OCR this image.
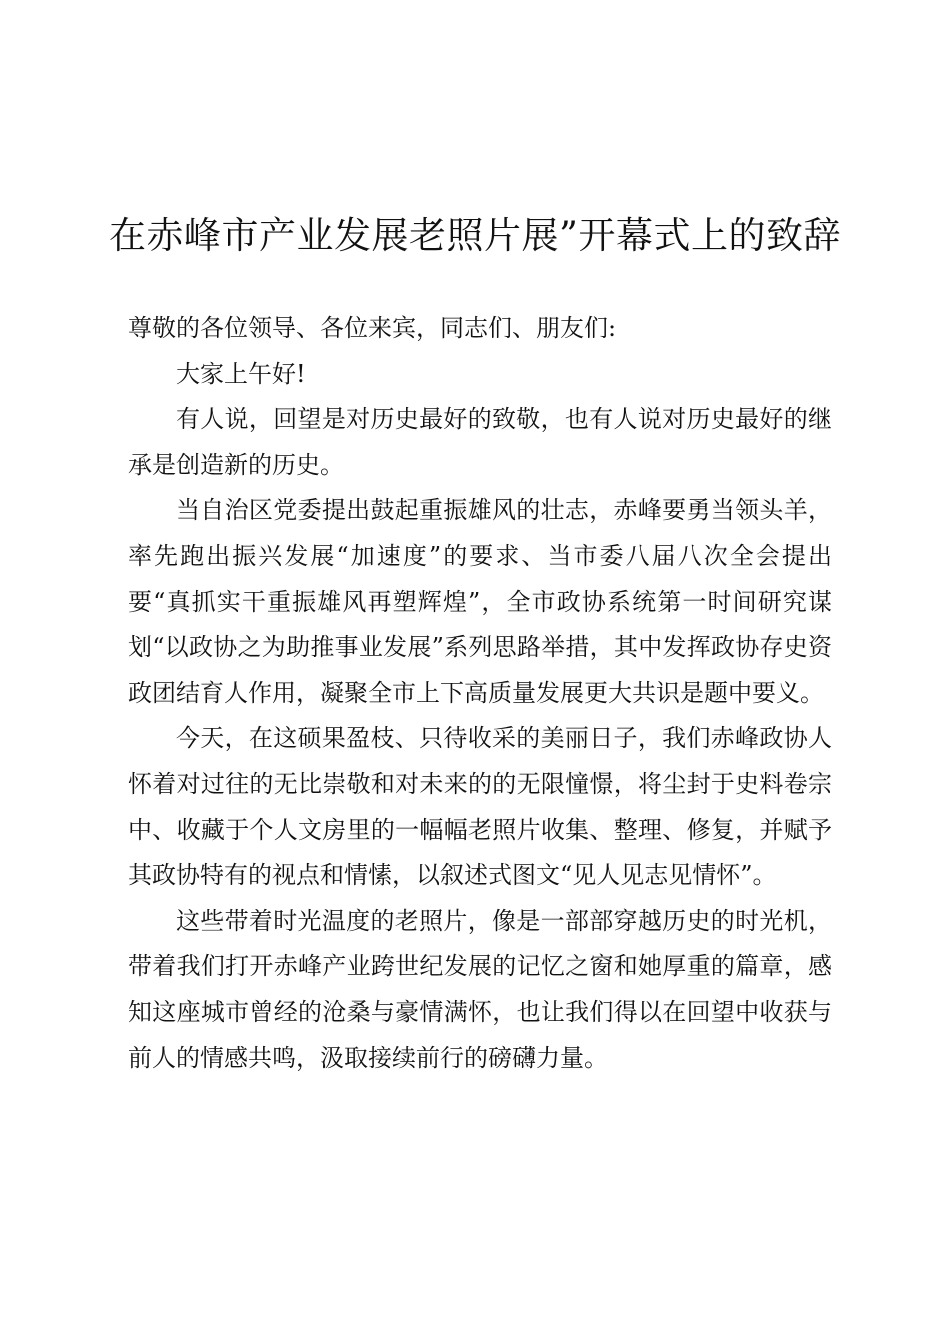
在赤峰市产业发展老照片展”开幕式上的致辞

尊敬的各位领导、各位来宾，同志们、朋友们:

大家上午好!

有人说，回望是对历史最好的致敬，也有人说对历史最好的继承是创造新的历史。

当自治区党委提出鼓起重振雄风的壮志，赤峰要勇当领头羊，率先跑出振兴发展“加速度”的要求、当市委八届八次全会提出要“真抓实干重振雄风再塑辉煌”，全市政协系统第一时间研究谋划“以政协之为助推事业发展”系列思路举措，其中发挥政协存史资政团结育人作用，凝聚全市上下高质量发展更大共识是题中要义。

今天，在这硕果盈枝、只待收采的美丽日子，我们赤峰政协人怀着对过往的无比崇敬和对未来的的无限憧憬，将尘封于史料卷宗中、收藏于个人文房里的一幅幅老照片收集、整理、修复，并赋予其政协特有的视点和情愫，以叙述式图文“见人见志见情怀”。

这些带着时光温度的老照片，像是一部部穿越历史的时光机，带着我们打开赤峰产业跨世纪发展的记忆之窗和她厚重的篇章，感知这座城市曾经的沧桑与豪情满怀，也让我们得以在回望中收获与前人的情感共鸣，汲取接续前行的磅礴力量。
